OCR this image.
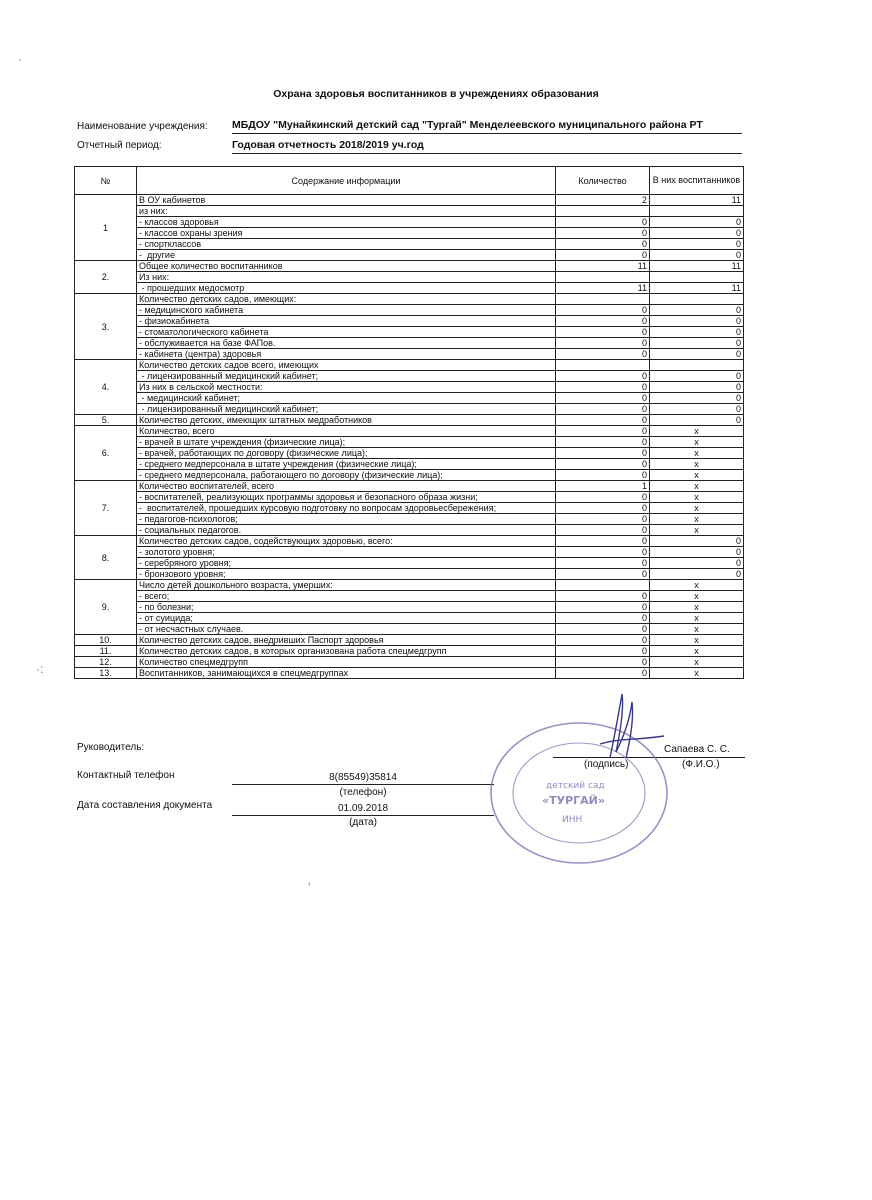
Охрана здоровья воспитанников в учреждениях образования
Наименование учреждения: МБДОУ "Мунайкинский детский сад "Тургай" Менделеевского муниципального района РТ
Отчетный период:	Годовая отчетность 2018/2019 уч.год
№	Содержание информации	Количество	В них воспитанников
1	В ОУ кабинетов	2	11
	из них:		
	- классов здоровья	0	0
	- классов охраны зрения	0	0
	- спортклассов	0	0
	-  другие	0	0
2.	Общее количество воспитанников	11	11
	Из них:		
	- прошедших медосмотр	11	11
3.	Количество детских садов, имеющих:		
	- медицинского кабинета	0	0
	- физиокабинета	0	0
	- стоматологического кабинета	0	0
	- обслуживается на базе ФАПов.	0	0
	- кабинета (центра) здоровья	0	0
4.	Количество детских садов всего, имеющих		
	- лицензированный медицинский кабинет;	0	0
	Из них в сельской местности:	0	0
	- медицинский кабинет;	0	0
	- лицензированный медицинский кабинет;	0	0
5.	Количество детских, имеющих штатных медработников	0	0
6.	Количество, всего	0	x
	- врачей в штате учреждения (физические лица);	0	x
	- врачей, работающих по договору (физические лица);	0	x
	- среднего медперсонала в штате учреждения (физические лица);	0	x
	- среднего медперсонала, работающего по договору (физические лица);	0	x
7.	Количество воспитателей, всего	1	x
	- воспитателей, реализующих программы здоровья и безопасного образа жизни;	0	x
	-  воспитателей, прошедших курсовую подготовку по вопросам здоровьесбережения;	0	x
	- педагогов-психологов;	0	x
	- социальных педагогов.	0	x
8.	Количество детских садов, содействующих здоровью, всего:	0	0
	- золотого уровня;	0	0
	- серебряного уровня;	0	0
	- бронзового уровня;	0	0
9.	Число детей дошкольного возраста, умерших:		x
	- всего;	0	x
	- по болезни;	0	x
	- от суицида;	0	x
	- от несчастных случаев.	0	x
10.	Количество детских садов, внедривших Паспорт здоровья	0	x
11.	Количество детских садов, в которых организована работа спецмедгрупп	0	x
12.	Количество спецмедгрупп	0	x
13.	Воспитанников, занимающихся в спецмедгруппах	0	x
Руководитель:
(подпись)
Сапаева С. С.
(Ф.И.О.)
Контактный телефон	8(85549)35814
(телефон)
Дата составления документа	01.09.2018
(дата)
детский сад
«ТУРГАЙ»
ИНН
·
·:
‘
